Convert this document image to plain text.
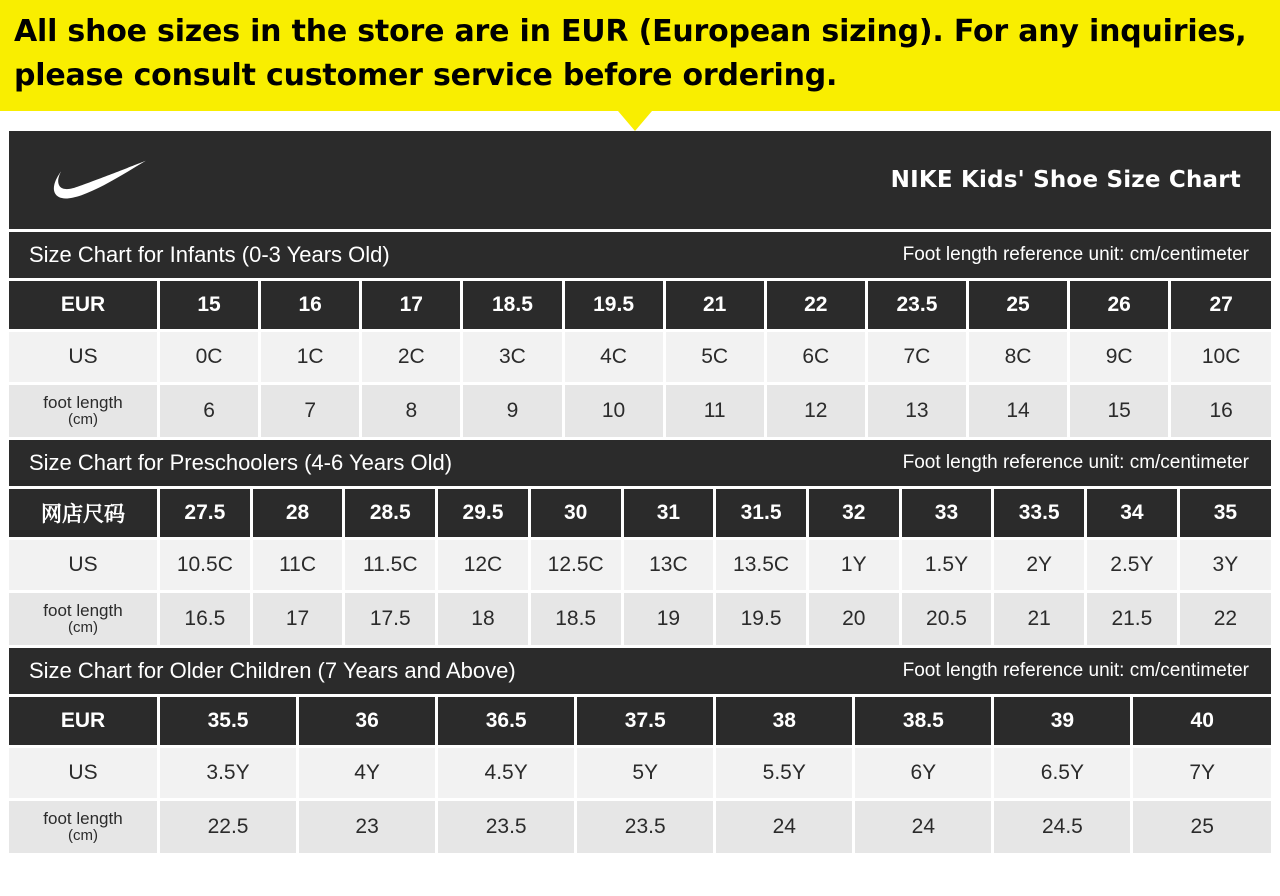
All shoe sizes in the store are in EUR (European sizing). For any inquiries, please consult customer service before ordering.
NIKE Kids' Shoe Size Chart
Size Chart for Infants (0-3 Years Old)	Foot length reference unit: cm/centimeter
EUR	15	16	17	18.5	19.5	21	22	23.5	25	26	27
US	0C	1C	2C	3C	4C	5C	6C	7C	8C	9C	10C
foot length
(cm)	6	7	8	9	10	11	12	13	14	15	16
Size Chart for Preschoolers (4-6 Years Old)	Foot length reference unit: cm/centimeter
网店尺码	27.5	28	28.5	29.5	30	31	31.5	32	33	33.5	34	35
US	10.5C	11C	11.5C	12C	12.5C	13C	13.5C	1Y	1.5Y	2Y	2.5Y	3Y
foot length
(cm)	16.5	17	17.5	18	18.5	19	19.5	20	20.5	21	21.5	22
Size Chart for Older Children (7 Years and Above)	Foot length reference unit: cm/centimeter
EUR	35.5	36	36.5	37.5	38	38.5	39	40
US	3.5Y	4Y	4.5Y	5Y	5.5Y	6Y	6.5Y	7Y
foot length
(cm)	22.5	23	23.5	23.5	24	24	24.5	25
